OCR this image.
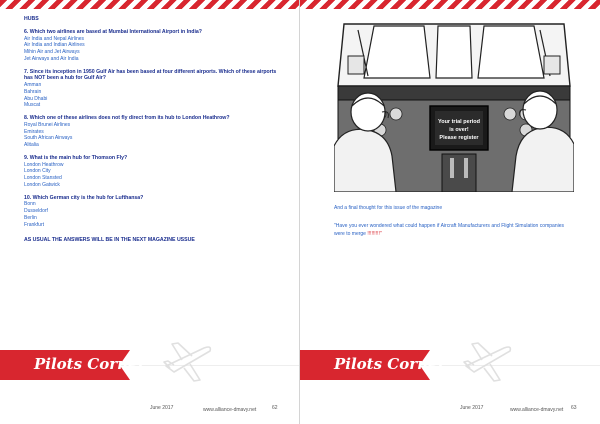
HUBS
6. Which two airlines are based at Mumbai International Airport in India?
Air India and Nepal Airlines
Air India and Indian Airlines
Mihin Air and Jet Airways
Jet Airways and Air India
7. Since its inception in 1950 Gulf Air has been based at four different airports. Which of these airports has NOT been a hub for Gulf Air?
Amman
Bahrain
Abu Dhabi
Muscat
8. Which one of these airlines does not fly direct from its hub to London Heathrow?
Royal Brunei Airlines
Emirates
South African Airways
Alitalia
9. What is the main hub for Thomson Fly?
London Heathrow
London City
London Stansted
London Gatwick
10. Which German city is the hub for Lufthansa?
Bonn
Dusseldorf
Berlin
Frankfurt
AS USUAL THE ANSWERS WILL BE IN THE NEXT MAGAZINE USSUE
Pilots Corner
June 2017	www.alliance-dmavy.net	62
Your trial period
is over!
Please register
And a final thought for this issue of the magazine
"Have you ever wondered what could happen if Aircraft Manufacturers and Flight Simulation companies were to merge !!!!!!!!!"
Pilots Corner
June 2017	www.alliance-dmavy.net 63
